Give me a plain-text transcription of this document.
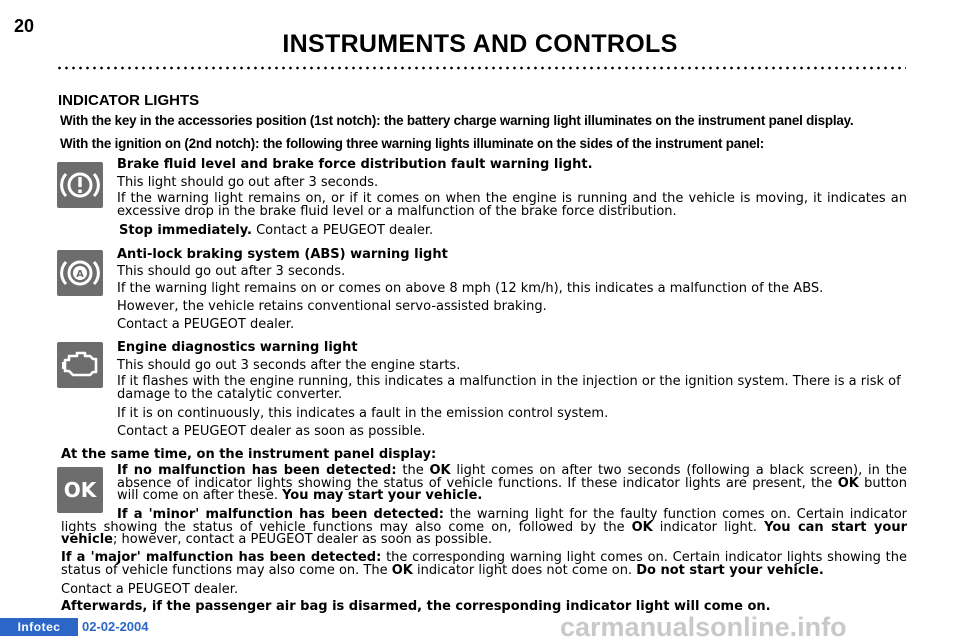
20
INSTRUMENTS AND CONTROLS
INDICATOR LIGHTS
With the key in the accessories position (1st notch): the battery charge warning light illuminates on the instrument panel display.
With the ignition on (2nd notch): the following three warning lights illuminate on the sides of the instrument panel:
Brake fluid level and brake force distribution fault warning light.
This light should go out after 3 seconds.
If the warning light remains on, or if it comes on when the engine is running and the vehicle is moving, it indicates an excessive drop in the brake fluid level or a malfunction of the brake force distribution.
Stop immediately. Contact a PEUGEOT dealer.
A
Anti-lock braking system (ABS) warning light
This should go out after 3 seconds.
If the warning light remains on or comes on above 8 mph (12 km/h), this indicates a malfunction of the ABS.
However, the vehicle retains conventional servo-assisted braking.
Contact a PEUGEOT dealer.
Engine diagnostics warning light
This should go out 3 seconds after the engine starts.
If it flashes with the engine running, this indicates a malfunction in the injection or the ignition system. There is a risk of damage to the catalytic converter.
If it is on continuously, this indicates a fault in the emission control system.
Contact a PEUGEOT dealer as soon as possible.
At the same time, on the instrument panel display:
OK
If no malfunction has been detected: the OK light comes on after two seconds (following a black screen), in the absence of indicator lights showing the status of vehicle functions. If these indicator lights are present, the OK button will come on after these. You may start your vehicle.
If a 'minor' malfunction has been detected: the warning light for the faulty function comes on. Certain indicator lights showing the status of vehicle functions may also come on, followed by the OK indicator light. You can start your vehicle; however, contact a PEUGEOT dealer as soon as possible.
If a 'major' malfunction has been detected: the corresponding warning light comes on. Certain indicator lights showing the status of vehicle functions may also come on. The OK indicator light does not come on. Do not start your vehicle.
Contact a PEUGEOT dealer.
Afterwards, if the passenger air bag is disarmed, the corresponding indicator light will come on.
Infotec	02-02-2004	carmanualsonline.info
